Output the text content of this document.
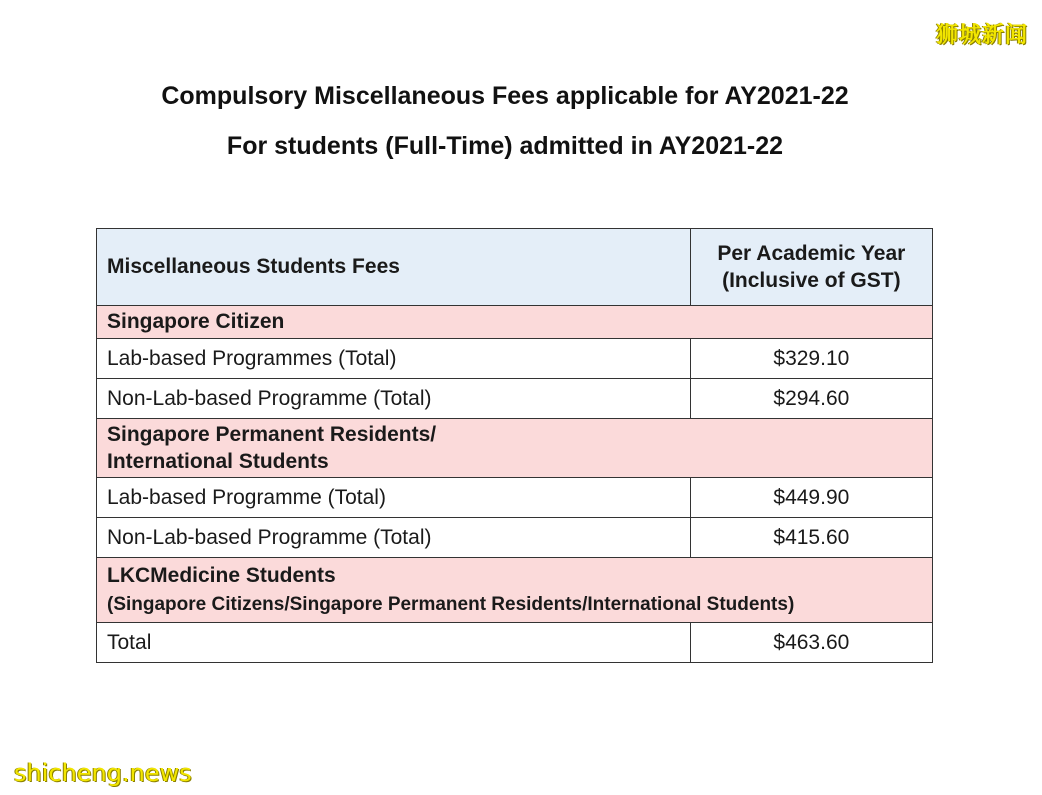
狮城新闻
Compulsory Miscellaneous Fees applicable for AY2021-22
For students (Full-Time) admitted in AY2021-22
Miscellaneous Students Fees	Per Academic Year
(Inclusive of GST)
Singapore Citizen	
Lab-based Programmes (Total)	$329.10
Non-Lab-based Programme (Total)	$294.60
Singapore Permanent Residents/
International Students	
Lab-based Programme (Total)	$449.90
Non-Lab-based Programme (Total)	$415.60
LKCMedicine Students
(Singapore Citizens/Singapore Permanent Residents/International Students)	
Total	$463.60
shicheng.news
